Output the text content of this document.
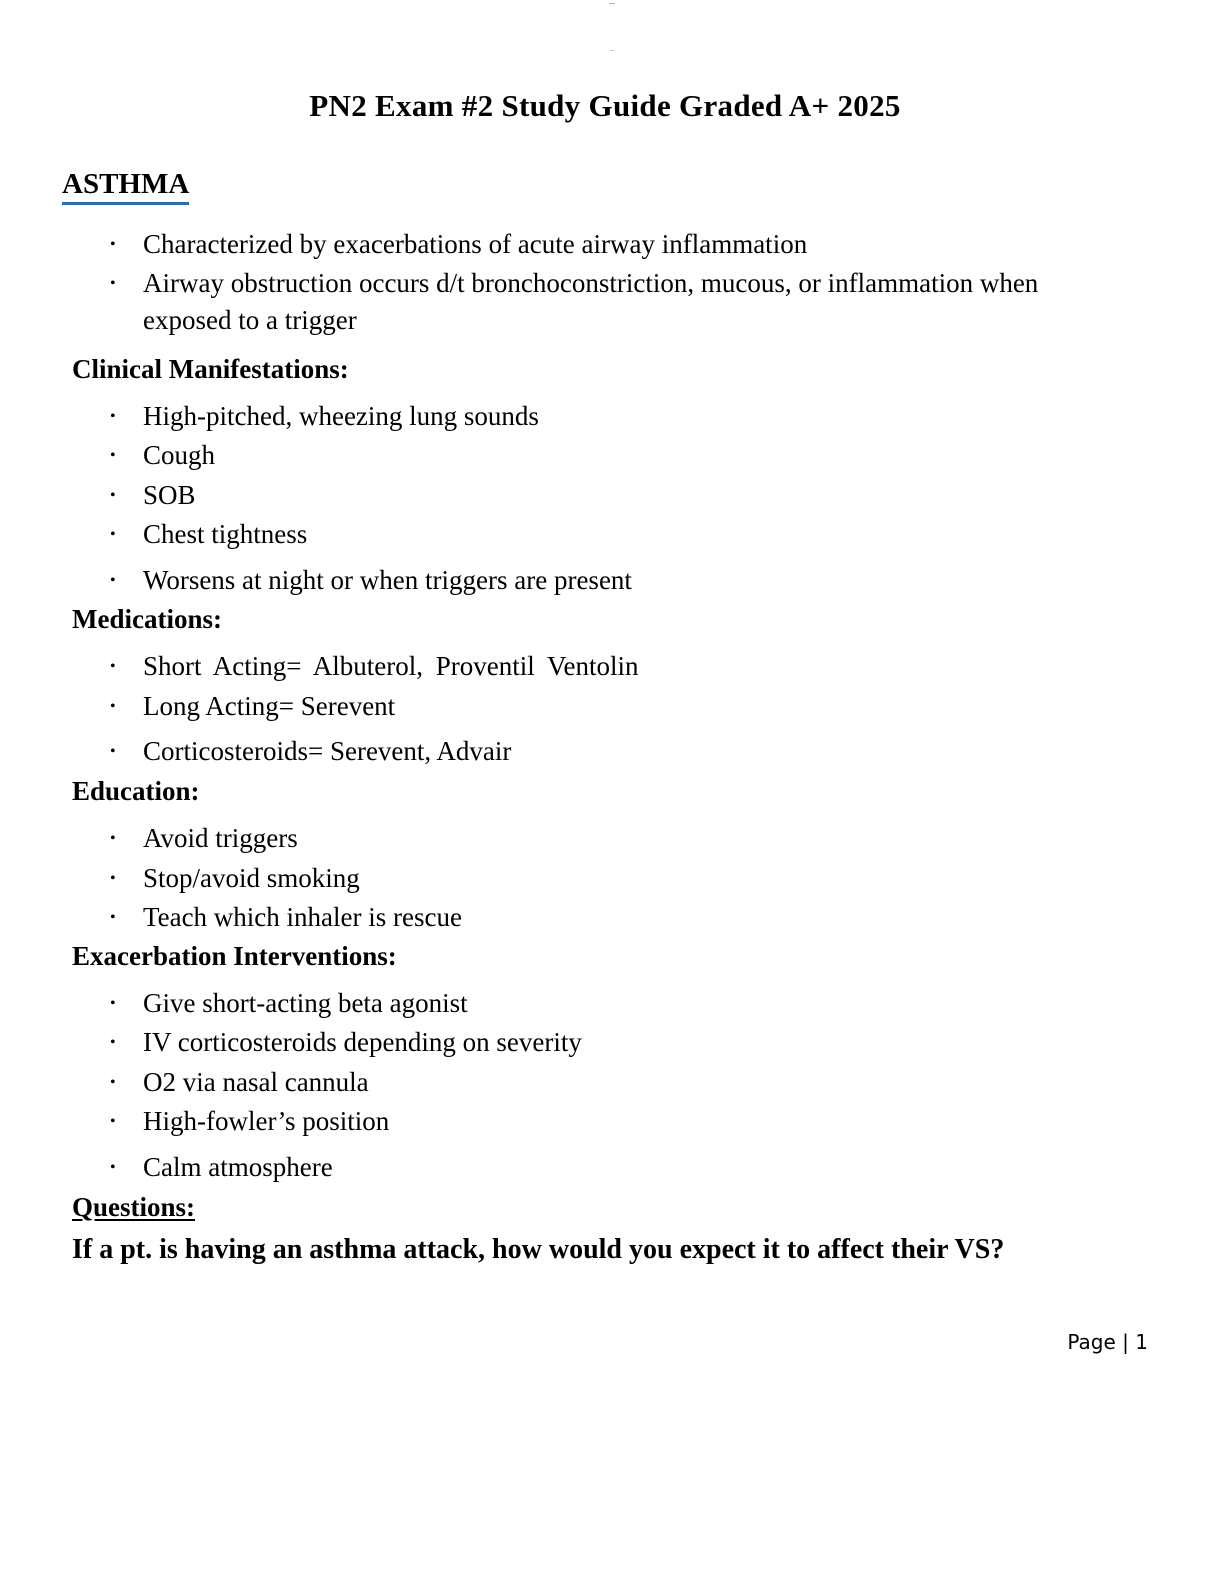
---
...
PN2 Exam #2 Study Guide Graded A+ 2025
ASTHMA
•	Characterized by exacerbations of acute airway inflammation
•	Airway obstruction occurs d/t bronchoconstriction, mucous, or inflammation when exposed to a trigger
Clinical Manifestations:
•	High-pitched, wheezing lung sounds
•	Cough
•	SOB
•	Chest tightness
•	Worsens at night or when triggers are present
Medications:
•	Short Acting= Albuterol, Proventil Ventolin
•	Long Acting= Serevent
•	Corticosteroids= Serevent, Advair
Education:
•	Avoid triggers
•	Stop/avoid smoking
•	Teach which inhaler is rescue
Exacerbation Interventions:
•	Give short-acting beta agonist
•	IV corticosteroids depending on severity
•	O2 via nasal cannula
•	High-fowler’s position
•	Calm atmosphere
Questions:

If a pt. is having an asthma attack, how would you expect it to affect their VS?

Page | 1
